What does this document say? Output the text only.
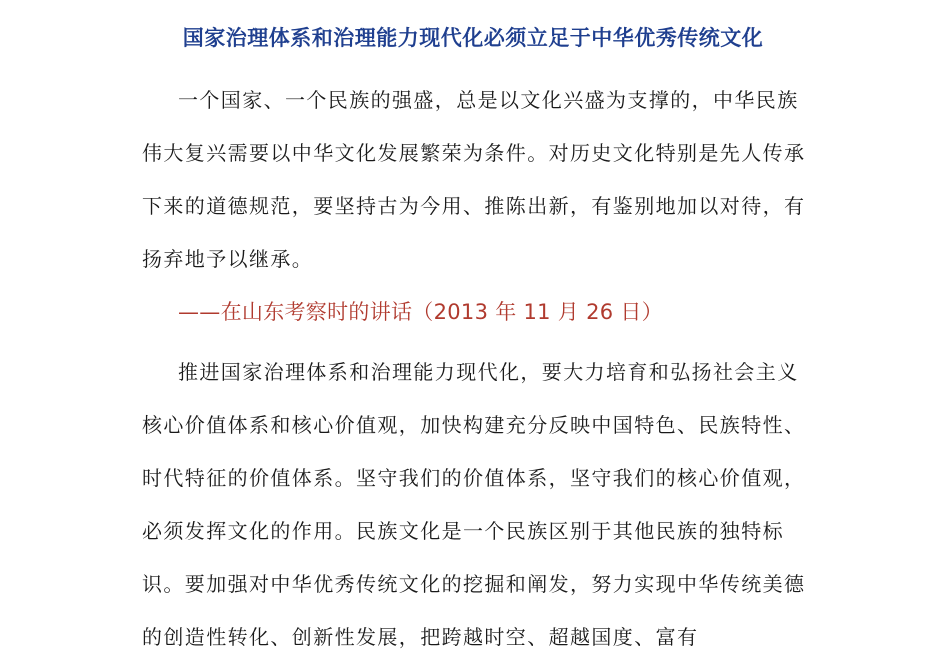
国家治理体系和治理能力现代化必须立足于中华优秀传统文化

一个国家、一个民族的强盛，总是以文化兴盛为支撑的，中华民族伟大复兴需要以中华文化发展繁荣为条件。对历史文化特别是先人传承下来的道德规范，要坚持古为今用、推陈出新，有鉴别地加以对待，有扬弃地予以继承。

——在山东考察时的讲话（2013 年 11 月 26 日）

推进国家治理体系和治理能力现代化，要大力培育和弘扬社会主义核心价值体系和核心价值观，加快构建充分反映中国特色、民族特性、时代特征的价值体系。坚守我们的价值体系，坚守我们的核心价值观，必须发挥文化的作用。民族文化是一个民族区别于其他民族的独特标识。要加强对中华优秀传统文化的挖掘和阐发，努力实现中华传统美德的创造性转化、创新性发展，把跨越时空、超越国度、富有
